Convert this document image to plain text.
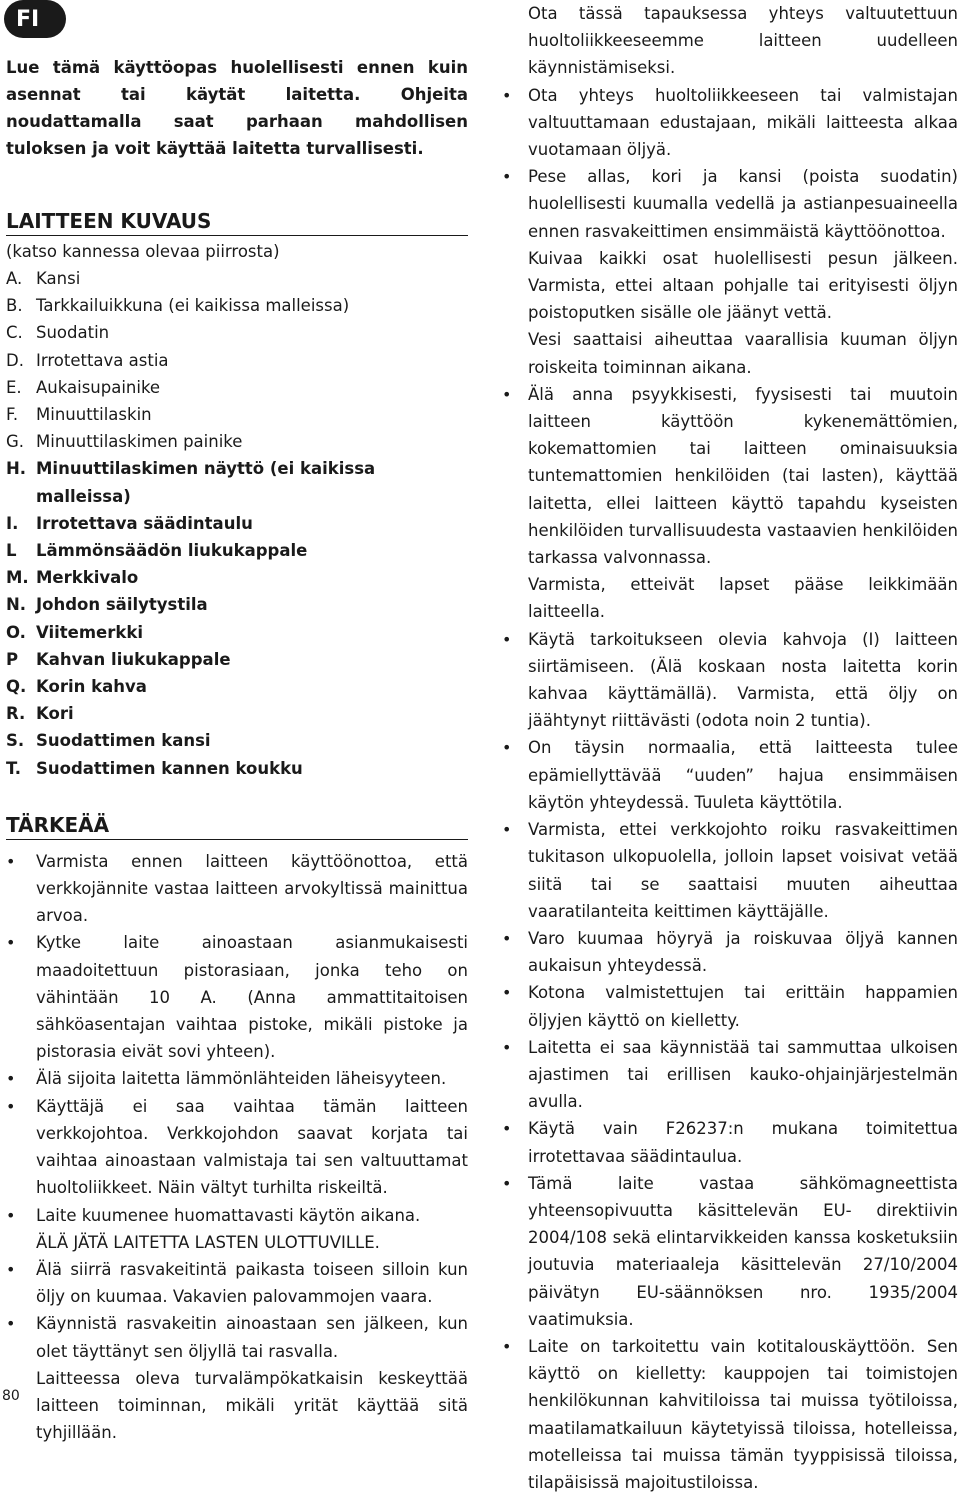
FI

Lue tämä käyttöopas huolellisesti ennen kuin asennat tai käytät laitetta. Ohjeita noudattamalla saat parhaan mahdollisen tuloksen ja voit käyttää laitetta turvallisesti.

LAITTEEN KUVAUS

(katso kannessa olevaa piirrosta)

A. Kansi
B. Tarkkailuikkuna (ei kaikissa malleissa)
C. Suodatin
D. Irrotettava astia
E. Aukaisupainike
F.	Minuuttilaskin
G. Minuuttilaskimen painike
H. Minuuttilaskimen näyttö (ei kaikissa malleissa)
I.	Irrotettava säädintaulu
L	Lämmönsäädön liukukappale
M. Merkkivalo
N. Johdon säilytystila
O. Viitemerkki
P	Kahvan liukukappale
Q. Korin kahva
R. Kori
S. Suodattimen kansi
T. Suodattimen kannen koukku
TÄRKEÄÄ
•	Varmista ennen laitteen käyttöönottoa, että verkkojännite vastaa laitteen arvokyltissä mainittua arvoa.

•	Kytke laite ainoastaan asianmukaisesti maadoitettuun pistorasiaan, jonka teho on vähintään 10 A. (Anna ammattitaitoisen sähköasentajan vaihtaa pistoke, mikäli pistoke ja pistorasia eivät sovi yhteen).

•	Älä sijoita laitetta lämmönlähteiden läheisyyteen.

•	Käyttäjä ei saa vaihtaa tämän laitteen verkkojohtoa. Verkkojohdon saavat korjata tai vaihtaa ainoastaan valmistaja tai sen valtuuttamat huoltoliikkeet. Näin vältyt turhilta riskeiltä.

•	Laite kuumenee huomattavasti käytön aikana.

ÄLÄ JÄTÄ LAITETTA LASTEN ULOTTUVILLE.

•	Älä siirrä rasvakeitintä paikasta toiseen silloin kun öljy on kuumaa. Vakavien palovammojen vaara.

•	Käynnistä rasvakeitin ainoastaan sen jälkeen, kun olet täyttänyt sen öljyllä tai rasvalla.

Laitteessa oleva turvalämpökatkaisin keskeyttää laitteen toiminnan, mikäli yrität käyttää sitä tyhjillään.

Ota tässä tapauksessa yhteys valtuutettuun huoltoliikkeeseemme laitteen uudelleen käynnistämiseksi.

•	Ota yhteys huoltoliikkeeseen tai valmistajan valtuuttamaan edustajaan, mikäli laitteesta alkaa vuotamaan öljyä.

•	Pese allas, kori ja kansi (poista suodatin) huolellisesti kuumalla vedellä ja astianpesuaineella ennen rasvakeittimen ensimmäistä käyttöönottoa.

Kuivaa kaikki osat huolellisesti pesun jälkeen. Varmista, ettei altaan pohjalle tai erityisesti öljyn poistoputken sisälle ole jäänyt vettä.

Vesi saattaisi aiheuttaa vaarallisia kuuman öljyn roiskeita toiminnan aikana.

•	Älä anna psyykkisesti, fyysisesti tai muutoin laitteen käyttöön kykenemättömien, kokemattomien tai laitteen ominaisuuksia tuntemattomien henkilöiden (tai lasten), käyttää laitetta, ellei laitteen käyttö tapahdu kyseisten henkilöiden turvallisuudesta vastaavien henkilöiden tarkassa valvonnassa.

Varmista, etteivät lapset pääse leikkimään laitteella.

•	Käytä tarkoitukseen olevia kahvoja (I) laitteen siirtämiseen. (Älä koskaan nosta laitetta korin kahvaa käyttämällä). Varmista, että öljy on jäähtynyt riittävästi (odota noin 2 tuntia).

•	On täysin normaalia, että laitteesta tulee epämiellyttävää “uuden” hajua ensimmäisen käytön yhteydessä. Tuuleta käyttötila.

•	Varmista, ettei verkkojohto roiku rasvakeittimen tukitason ulkopuolella, jolloin lapset voisivat vetää siitä tai se saattaisi muuten aiheuttaa vaaratilanteita keittimen käyttäjälle.

•	Varo kuumaa höyryä ja roiskuvaa öljyä kannen aukaisun yhteydessä.

•	Kotona valmistettujen tai erittäin happamien öljyjen käyttö on kielletty.

•	Laitetta ei saa käynnistää tai sammuttaa ulkoisen ajastimen tai erillisen kauko-ohjainjärjestelmän avulla.

•	Käytä vain F26237:n mukana toimitettua irrotettavaa säädintaulua.

•	Tämä laite vastaa sähkömagneettista yhteensopivuutta käsittelevän EU- direktiivin 2004/108 sekä elintarvikkeiden kanssa kosketuksiin joutuvia materiaaleja käsittelevän 27/10/2004 päivätyn EU-säännöksen nro. 1935/2004 vaatimuksia.

•	Laite on tarkoitettu vain kotitalouskäyttöön. Sen käyttö on kielletty: kauppojen tai toimistojen henkilökunnan kahvitiloissa tai muissa työtiloissa, maatilamatkailuun käytetyissä tiloissa, hotelleissa, motelleissa tai muissa tämän tyyppisissä tiloissa, tilapäisissä majoitustiloissa.

80
